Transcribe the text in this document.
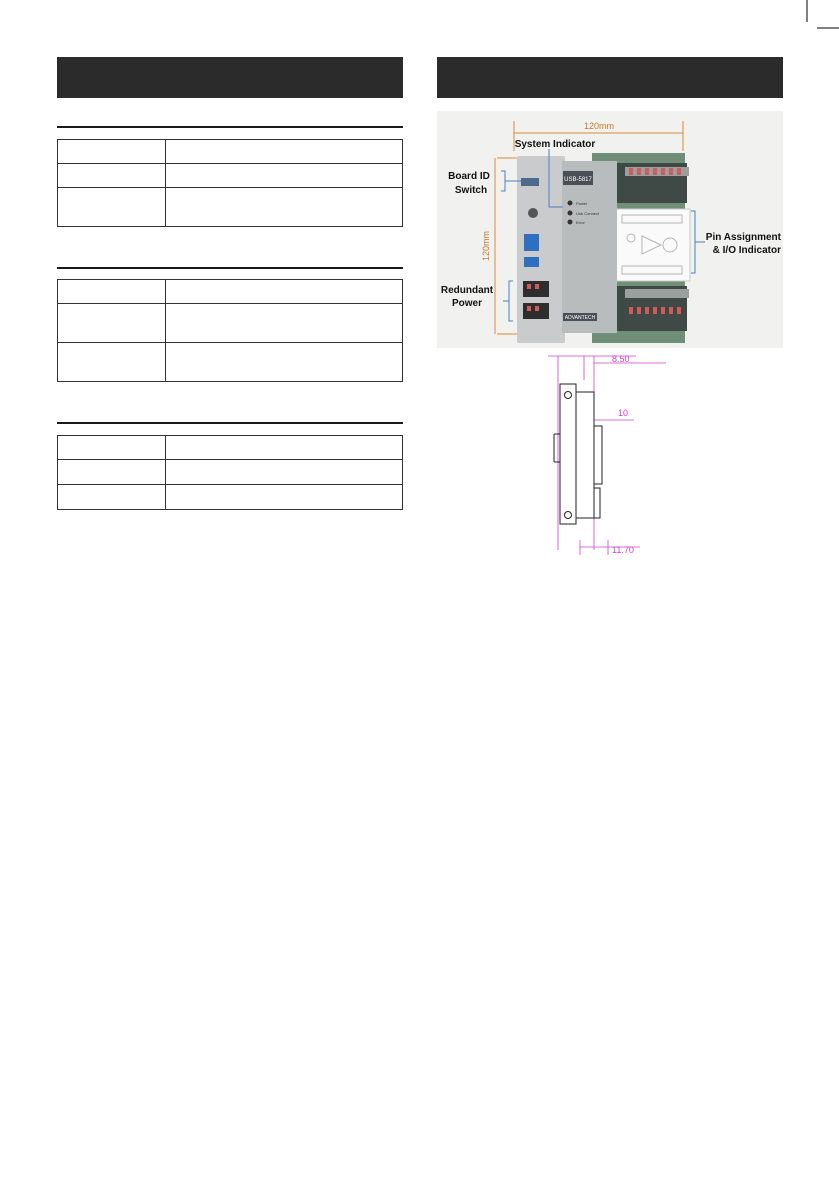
USB-5817
Power
Usb Connect
Error
ADVANTECH
120mm
120mm
System Indicator
Board ID
Switch
Pin Assignment
& I/O Indicator
Redundant
Power
8.50
10
11.70
